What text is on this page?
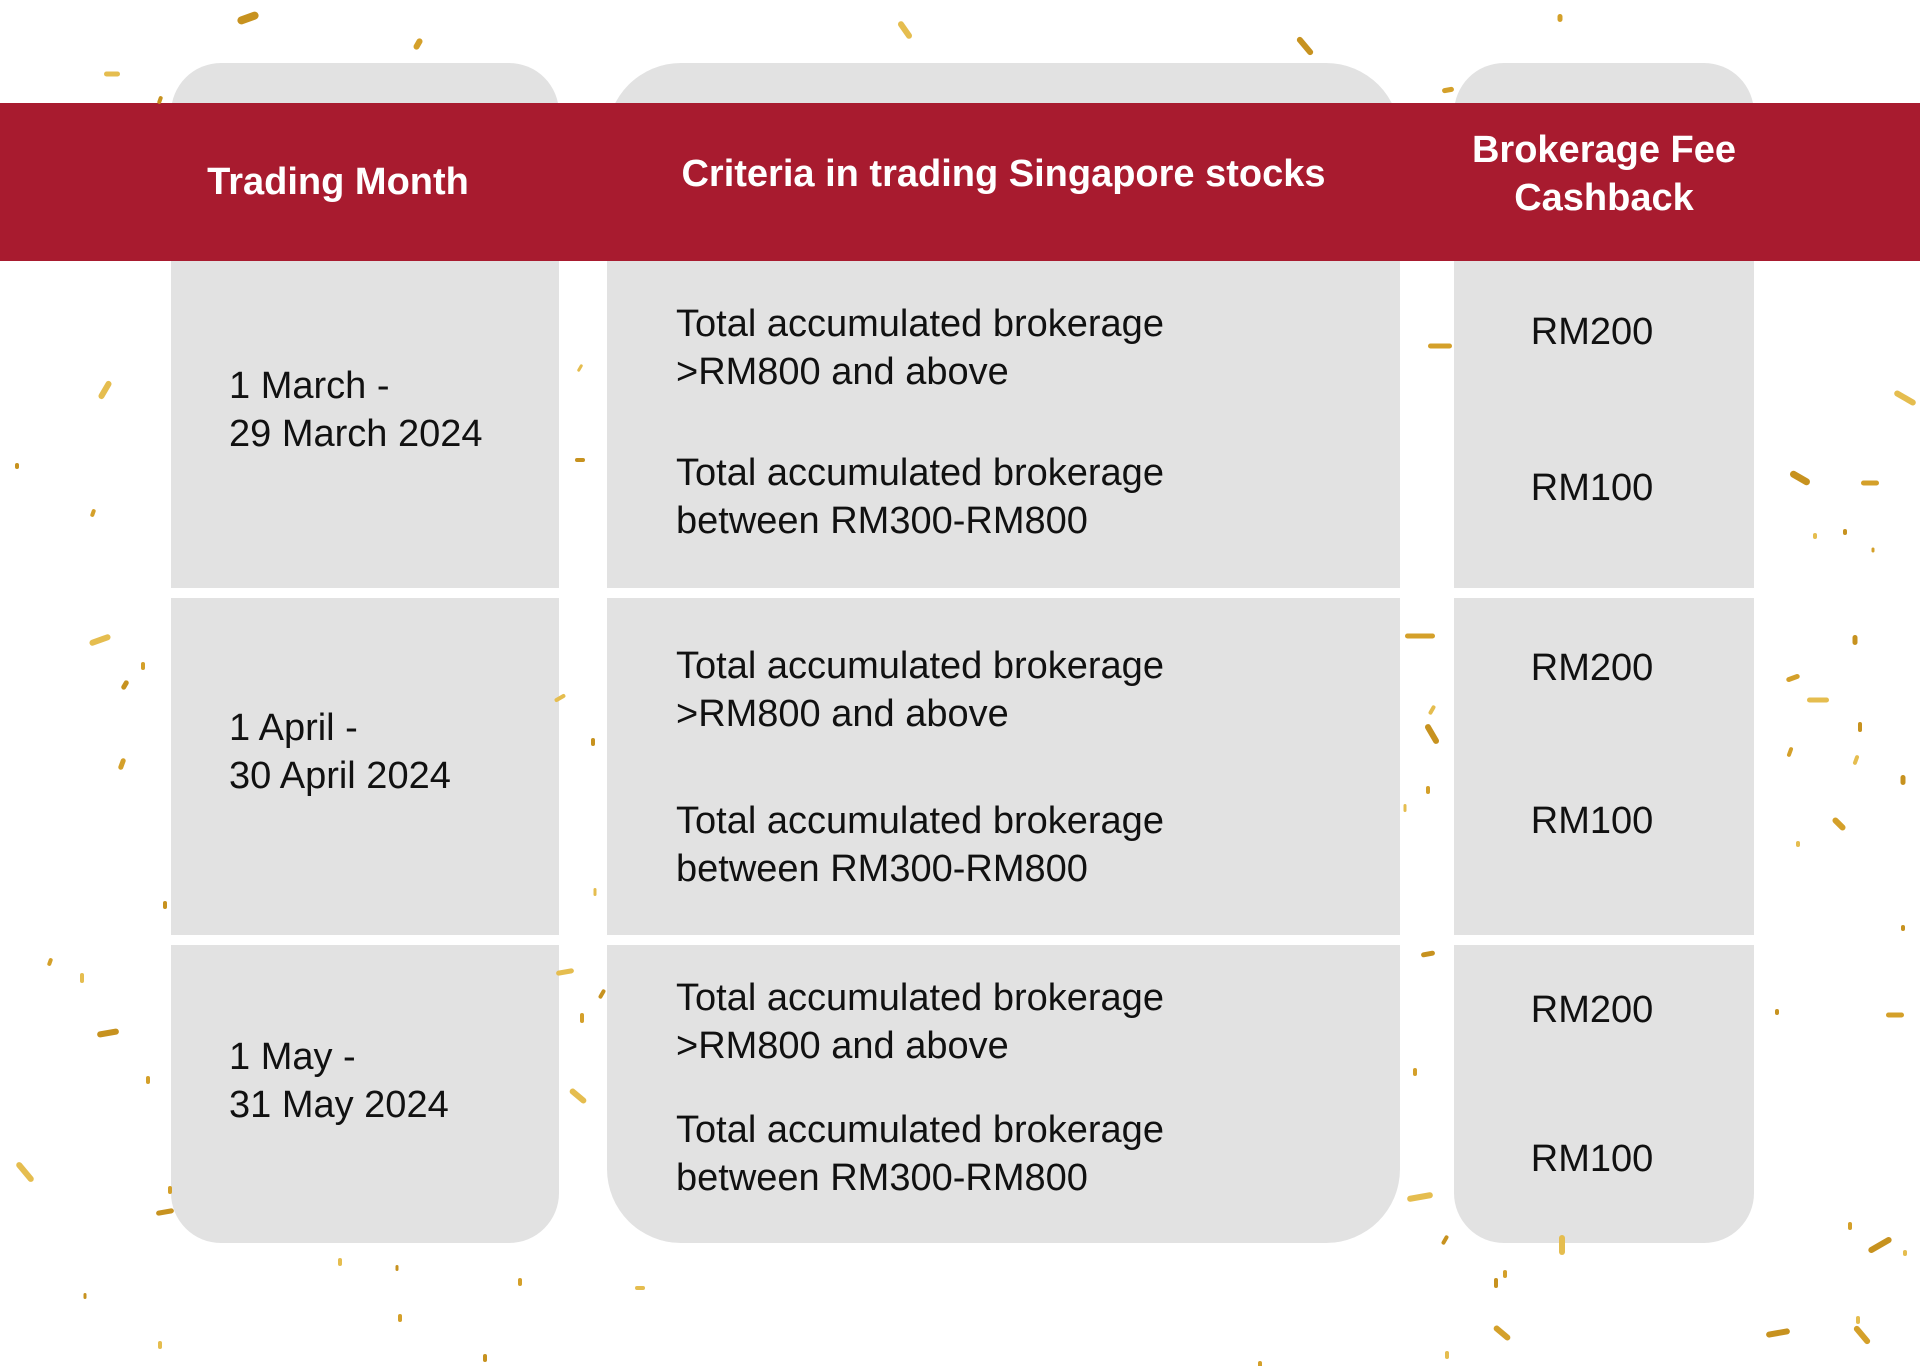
Trading Month	Criteria in trading Singapore stocks
Brokerage Fee
Cashback
1 March -
29 March 2024
Total accumulated brokerage
>RM800 and above
Total accumulated brokerage
between RM300-RM800
RM200
RM100
1 April -
30 April 2024
Total accumulated brokerage
>RM800 and above
Total accumulated brokerage
between RM300-RM800
RM200
RM100
1 May -
31 May 2024
Total accumulated brokerage
>RM800 and above
Total accumulated brokerage
between RM300-RM800
RM200
RM100
